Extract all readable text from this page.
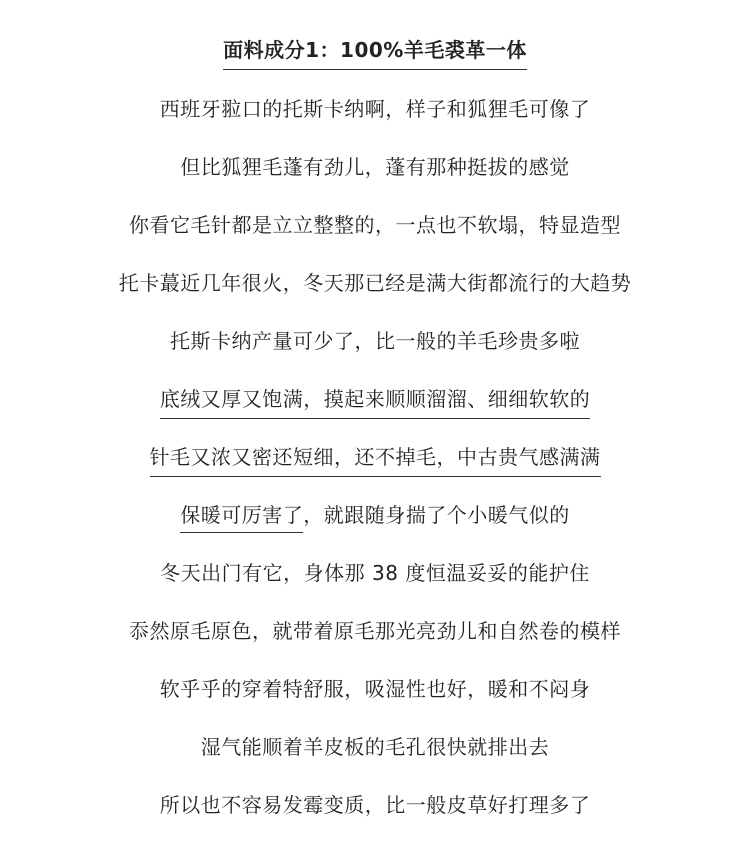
面料成分1：100%羊毛裘革一体
西班牙翋口的托斯卡纳啊，样子和狐狸毛可像了
但比狐狸毛蓬有劲儿，蓬有那种挺拔的感觉
你看它毛针都是立立整整的，一点也不软塌，特显造型
托卡蕞近几年很火，冬天那已经是满大街都流行的大趋势
托斯卡纳产量可少了，比一般的羊毛珍贵多啦
底绒又厚又饱满，摸起来顺顺溜溜、细细软软的
针毛又浓又密还短细，还不掉毛，中古贵气感满满
保暖可厉害了，就跟随身揣了个小暖气似的
冬天出门有它，身体那 38 度恒温妥妥的能护住
忝然原毛原色，就带着原毛那光亮劲儿和自然卷的模样
软乎乎的穿着特舒服，吸湿性也好，暖和不闷身
湿气能顺着羊皮板的毛孔很快就排出去
所以也不容易发霉变质，比一般皮草好打理多了
